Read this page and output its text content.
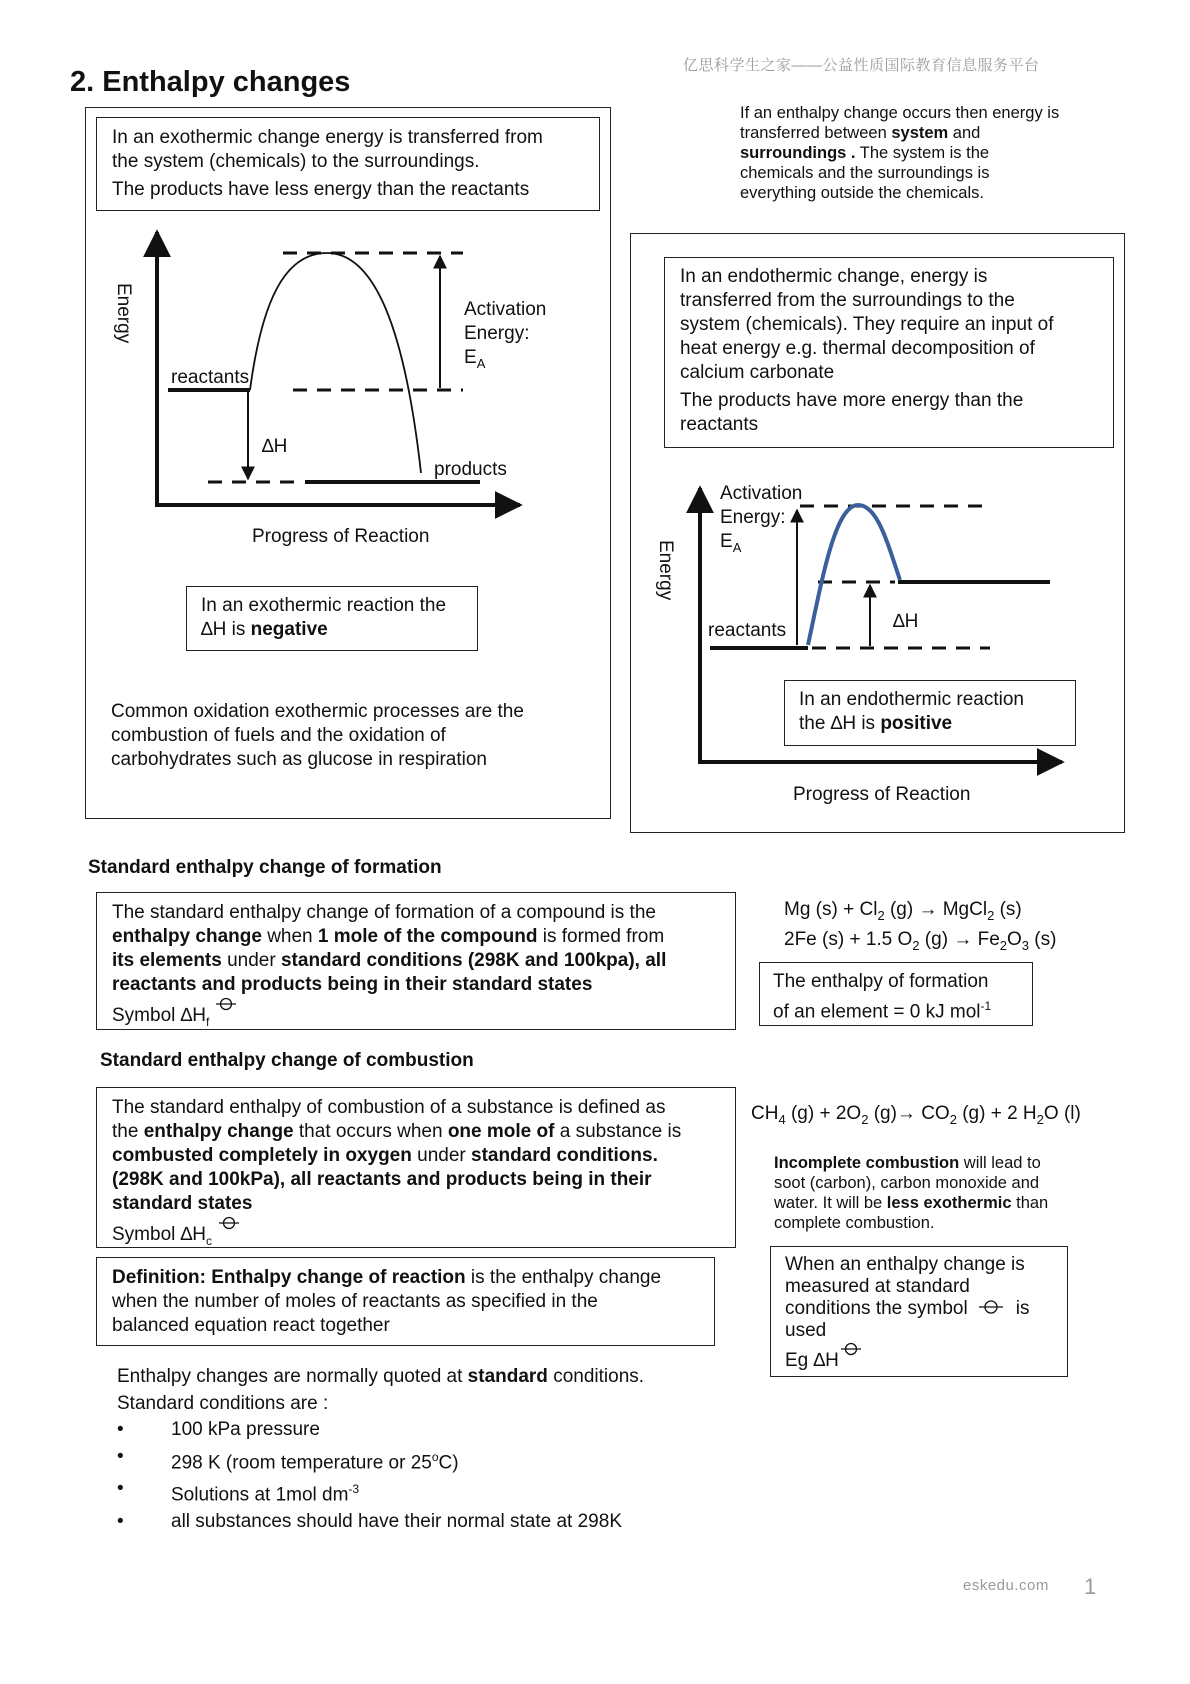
亿思科学生之家——公益性质国际教育信息服务平台
2. Enthalpy changes
In an exothermic change energy is transferred from
the system (chemicals) to the surroundings.
The products have less energy than the reactants
Energy
reactants
products
∆H
Activation
Energy:
$E_A$
Progress of Reaction
In an exothermic reaction the
∆H is negative
Common oxidation exothermic processes are the
combustion of fuels and the oxidation of
carbohydrates such as glucose in respiration
If an enthalpy change occurs then energy is
transferred between system and
surroundings . The system is the
chemicals and the surroundings is
everything outside the chemicals.
In an endothermic change, energy is
transferred from the surroundings to the
system (chemicals). They require an input of
heat energy e.g. thermal decomposition of
calcium carbonate
The products have more energy than the
reactants
Energy
Activation
Energy:
$E_A$
reactants	∆H
In an endothermic reaction
the ∆H is positive
Progress of Reaction
Standard enthalpy change of formation
The standard enthalpy change of formation of a compound is the
enthalpy change when 1 mole of the compound is formed from
its elements under standard conditions (298K and 100kpa), all
reactants and products being in their standard states
Symbol $\Delta H_f$
Mg $(s) + Cl_2$ (g) → MgCl$_2$ (s)
2Fe (s) + 1.5 $O_2$ $(g) \to Fe_2O_3$ (s)
The enthalpy of formation
of an element = 0 kJ mol$^{-1}$
Standard enthalpy change of combustion
The standard enthalpy of combustion of a substance is defined as
the enthalpy change that occurs when one mole of a substance is
combusted completely in oxygen under standard conditions.
(298K and 100kPa), all reactants and products being in their
standard states
Symbol $\Delta H_c$
$CH_4$ $(g) + 2O_2$ $(g)\to CO_2$ (g) + 2 $H_2O$ (l)
Incomplete combustion will lead to
soot (carbon), carbon monoxide and
water. It will be less exothermic than
complete combustion.
Definition: Enthalpy change of reaction is the enthalpy change
when the number of moles of reactants as specified in the
balanced equation react together
When an enthalpy change is
measured at standard
conditions the symbol	is
used
Eg ∆H
Enthalpy changes are normally quoted at standard conditions.
Standard conditions are :
• 100 kPa pressure
• 298 K (room temperature or 25$^o$C)
• Solutions at 1mol $dm^{-3}$
• all substances should have their normal state at 298K
eskedu.com 1
